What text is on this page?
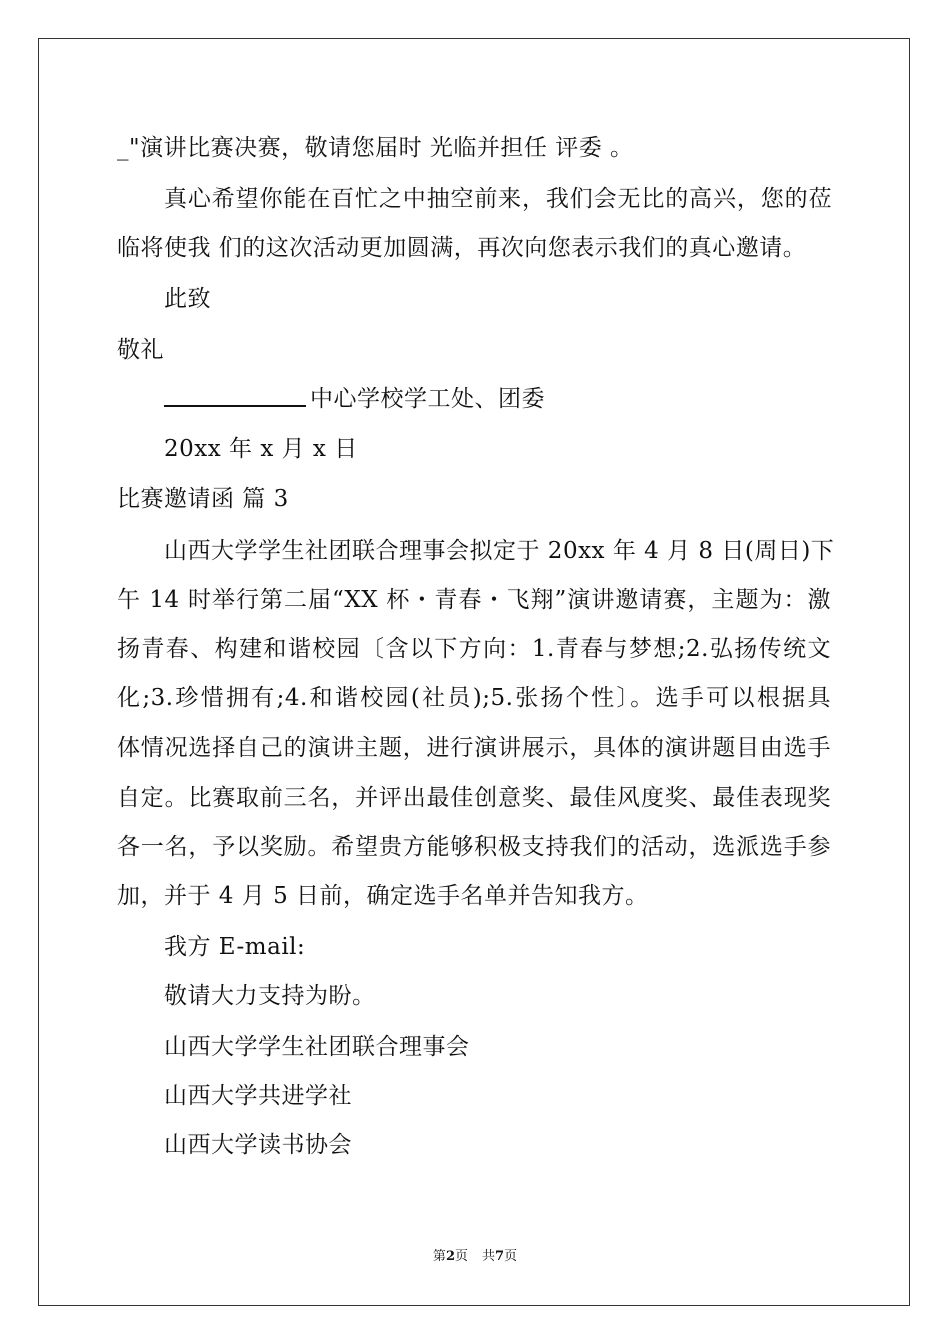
_"演讲比赛决赛，敬请您届时 光临并担任 评委 。

真心希望你能在百忙之中抽空前来，我们会无比的高兴，您的莅

临将使我 们的这次活动更加圆满，再次向您表示我们的真心邀请。

此致

敬礼

中心学校学工处、团委

20xx 年 x 月 x 日

比赛邀请函 篇 3

山西大学学生社团联合理事会拟定于 20xx 年 4 月 8 日(周日)下

午 14 时举行第二届“XX 杯・青春・飞翔”演讲邀请赛，主题为：激

扬青春、构建和谐校园〔含以下方向：1.青春与梦想;2.弘扬传统文

化;3.珍惜拥有;4.和谐校园(社员);5.张扬个性〕。选手可以根据具

体情况选择自己的演讲主题，进行演讲展示，具体的演讲题目由选手

自定。比赛取前三名，并评出最佳创意奖、最佳风度奖、最佳表现奖

各一名，予以奖励。希望贵方能够积极支持我们的活动，选派选手参

加，并于 4 月 5 日前，确定选手名单并告知我方。

我方 E-mail:

敬请大力支持为盼。

山西大学学生社团联合理事会

山西大学共进学社

山西大学读书协会

第2页 共7页
